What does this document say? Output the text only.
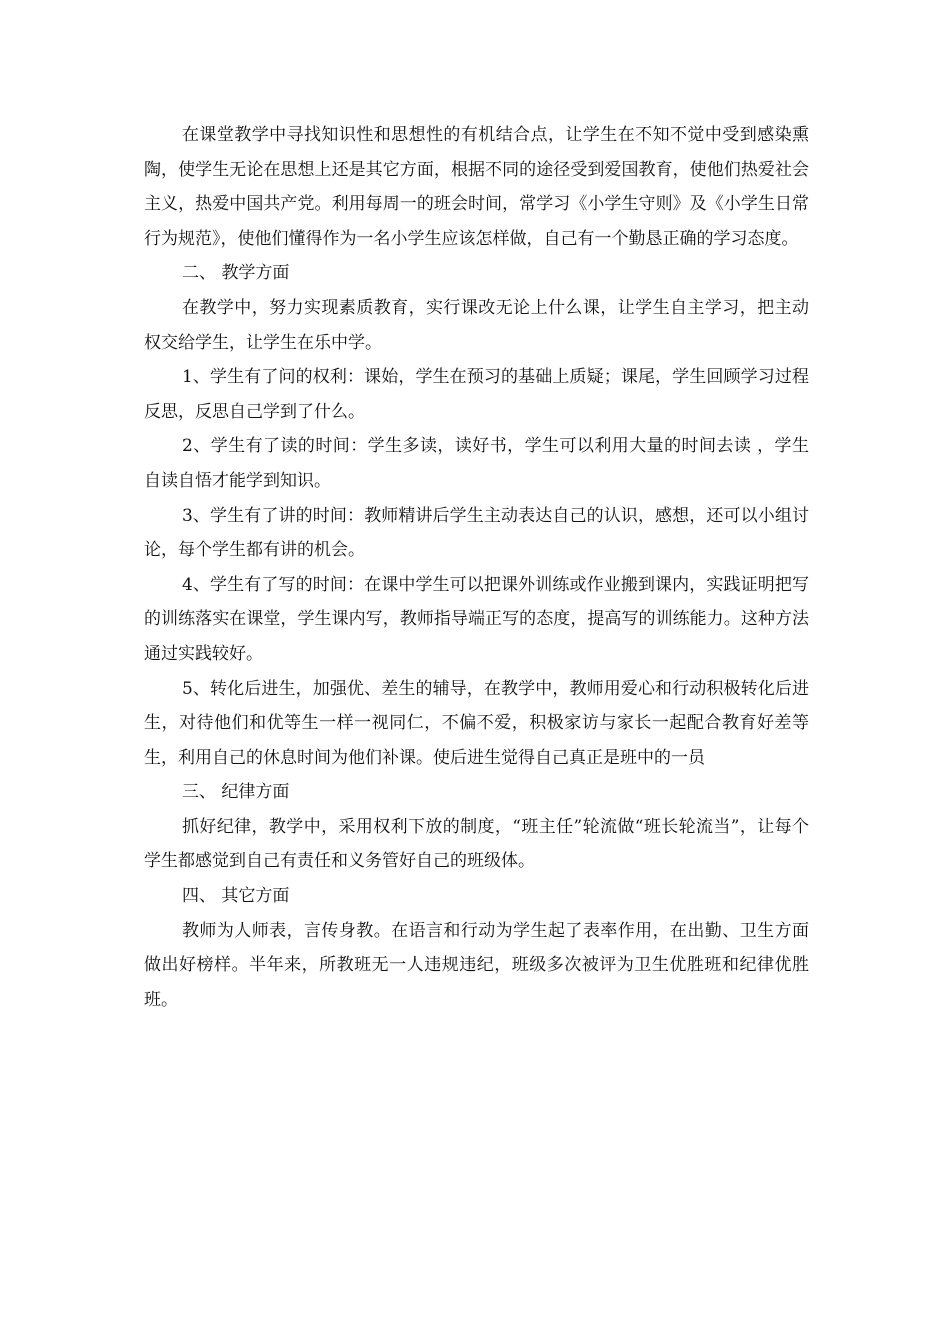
在课堂教学中寻找知识性和思想性的有机结合点，让学生在不知不觉中受到感染熏陶，使学生无论在思想上还是其它方面，根据不同的途径受到爱国教育，使他们热爱社会主义，热爱中国共产党。利用每周一的班会时间，常学习《小学生守则》及《小学生日常行为规范》，使他们懂得作为一名小学生应该怎样做，自己有一个勤恳正确的学习态度。

二、 教学方面

在教学中，努力实现素质教育，实行课改无论上什么课，让学生自主学习，把主动权交给学生，让学生在乐中学。

1、学生有了问的权利：课始，学生在预习的基础上质疑；课尾，学生回顾学习过程反思，反思自己学到了什么。

2、学生有了读的时间：学生多读，读好书，学生可以利用大量的时间去读 ，学生自读自悟才能学到知识。

3、学生有了讲的时间：教师精讲后学生主动表达自己的认识，感想，还可以小组讨论，每个学生都有讲的机会。

4、学生有了写的时间：在课中学生可以把课外训练或作业搬到课内，实践证明把写的训练落实在课堂，学生课内写，教师指导端正写的态度，提高写的训练能力。这种方法通过实践较好。

5、转化后进生，加强优、差生的辅导，在教学中，教师用爱心和行动积极转化后进生，对待他们和优等生一样一视同仁，不偏不爱，积极家访与家长一起配合教育好差等生，利用自己的休息时间为他们补课。使后进生觉得自己真正是班中的一员

三、 纪律方面

抓好纪律，教学中，采用权利下放的制度，“班主任”轮流做“班长轮流当”，让每个学生都感觉到自己有责任和义务管好自己的班级体。

四、 其它方面

教师为人师表，言传身教。在语言和行动为学生起了表率作用，在出勤、卫生方面做出好榜样。半年来，所教班无一人违规违纪，班级多次被评为卫生优胜班和纪律优胜班。
